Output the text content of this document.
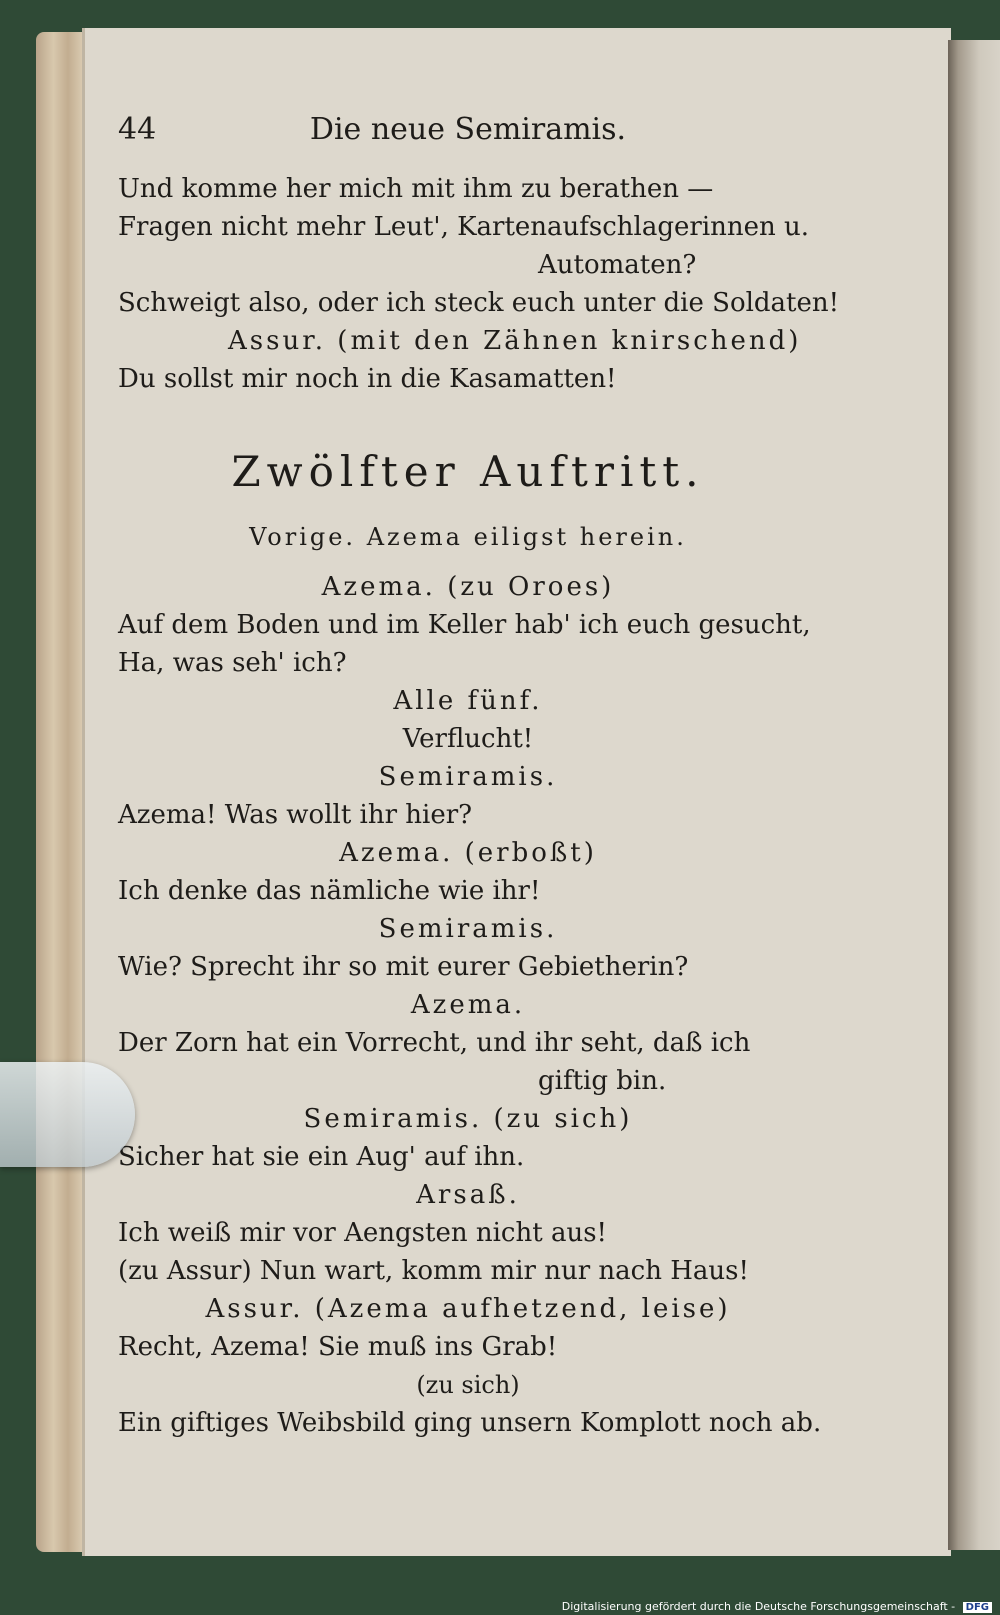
Die neue Semiramis.
44
Und komme her mich mit ihm zu berathen —
Fragen nicht mehr Leut', Kartenaufschlagerinnen u.
Automaten?
Schweigt also, oder ich steck euch unter die Soldaten!
Assur. (mit den Zähnen knirschend)
Du sollst mir noch in die Kasamatten!
Zwölfter Auftritt.
Vorige. Azema eiligst herein.
Azema. (zu Oroes)
Auf dem Boden und im Keller hab' ich euch gesucht,
Ha, was seh' ich?
Alle fünf.
Verflucht!
Semiramis.
Azema! Was wollt ihr hier?
Azema. (erboßt)
Ich denke das nämliche wie ihr!
Semiramis.
Wie? Sprecht ihr so mit eurer Gebietherin?
Azema.
Der Zorn hat ein Vorrecht, und ihr seht, daß ich
giftig bin.
Semiramis. (zu sich)
Sicher hat sie ein Aug' auf ihn.
Arsaß.
Ich weiß mir vor Aengsten nicht aus!
(zu Assur) Nun wart, komm mir nur nach Haus!
Assur. (Azema aufhetzend, leise)
Recht, Azema! Sie muß ins Grab!
(zu sich)
Ein giftiges Weibsbild ging unsern Komplott noch ab.
Digitalisierung gefördert durch die Deutsche Forschungsgemeinschaft - DFG
